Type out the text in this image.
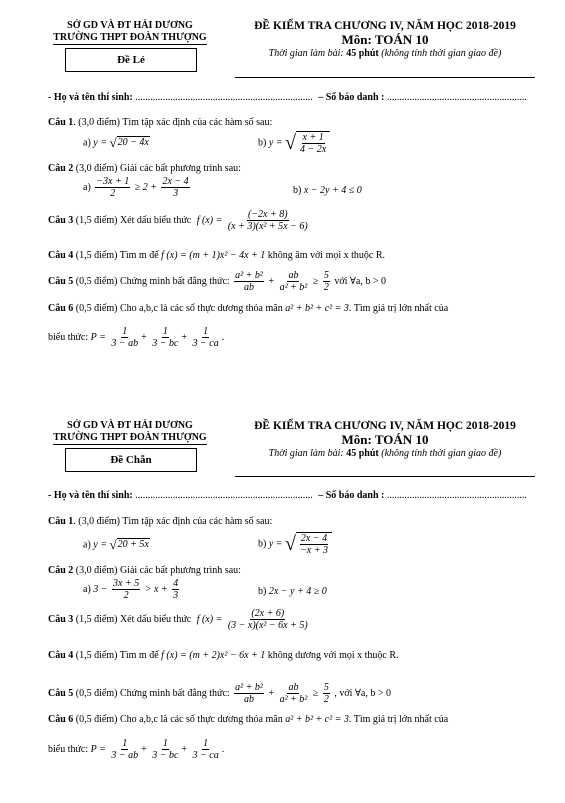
SỞ GD VÀ ĐT HẢI DƯƠNG
TRƯỜNG THPT ĐOÀN THƯỢNG
Đề Lẻ
ĐỀ KIỂM TRA CHƯƠNG IV, NĂM HỌC 2018-2019
Môn: TOÁN 10
Thời gian làm bài: 45 phút (không tính thời gian giao đề)
- Họ và tên thí sinh: ....................................................................... – Số báo danh : ........................................................
Câu 1. (3,0 điểm) Tìm tập xác định của các hàm số sau:
a) y = √ 20 − 4x	b) y = √ $\frac{x + 1}{4 - 2x}$
Câu 2 (3,0 điểm) Giải các bất phương trình sau:
$a) \frac{-3x + 1}{2} \ge 2 + \frac{2x - 4}{3}$	b) x − 2y + 4 ≤ 0
Câu 3 (1,5 điểm) Xét dấu biểu thức f $(x) = \frac{(-2x + 8)}{\text{(x + 3)(x² + 5x − 6)}}$
Câu 4 (1,5 điểm) Tìm m để f (x) = (m + 1)x² − 4x + 1 không âm với mọi x thuộc R.
Câu 5 (0,5 điểm) Chứng minh bất đẳng thức: $\frac{\text{a² + b²}}{ab} + \frac{ab}{\text{a² + b²}} \ge \frac{5}{2}$ với ∀a, b > 0
Câu 6 (0,5 điểm) Cho a,b,c là các số thực dương thỏa mãn a² + b² + c² = 3. Tìm giá trị lớn nhất của
biểu thức: $P = \frac{1}{3 - ab} + \frac{1}{3 - bc} + \frac{1}{3 - ca}$ .
SỞ GD VÀ ĐT HẢI DƯƠNG
TRƯỜNG THPT ĐOÀN THƯỢNG
Đề Chẵn
ĐỀ KIỂM TRA CHƯƠNG IV, NĂM HỌC 2018-2019
Môn: TOÁN 10
Thời gian làm bài: 45 phút (không tính thời gian giao đề)
- Họ và tên thí sinh: ....................................................................... – Số báo danh : ........................................................
Câu 1. (3,0 điểm) Tìm tập xác định của các hàm số sau:
a) y = √ 20 + 5x	b) y = √ $\frac{2x - 4}{-x + 3}$
Câu 2 (3,0 điểm) Giải các bất phương trình sau:
a) $3 - \frac{3x + 5}{2} > x + \frac{4}{3}$	b) 2x − y + 4 ≥ 0
Câu 3 (1,5 điểm) Xét dấu biểu thức f $(x) = \frac{(2x + 6)}{\text{(3 − x)(x² − 6x + 5)}}$
Câu 4 (1,5 điểm) Tìm m để f (x) = (m + 2)x² − 6x + 1 không dương với mọi x thuộc R.
Câu 5 (0,5 điểm) Chứng minh bất đẳng thức: $\frac{\text{a² + b²}}{ab} + \frac{ab}{\text{a² + b²}} \ge \frac{5}{2}$ , với ∀a, b > 0
Câu 6 (0,5 điểm) Cho a,b,c là các số thực dương thỏa mãn a² + b² + c² = 3. Tìm giá trị lớn nhất của
biểu thức: $P = \frac{1}{3 - ab} + \frac{1}{3 - bc} + \frac{1}{3 - ca}$ .
